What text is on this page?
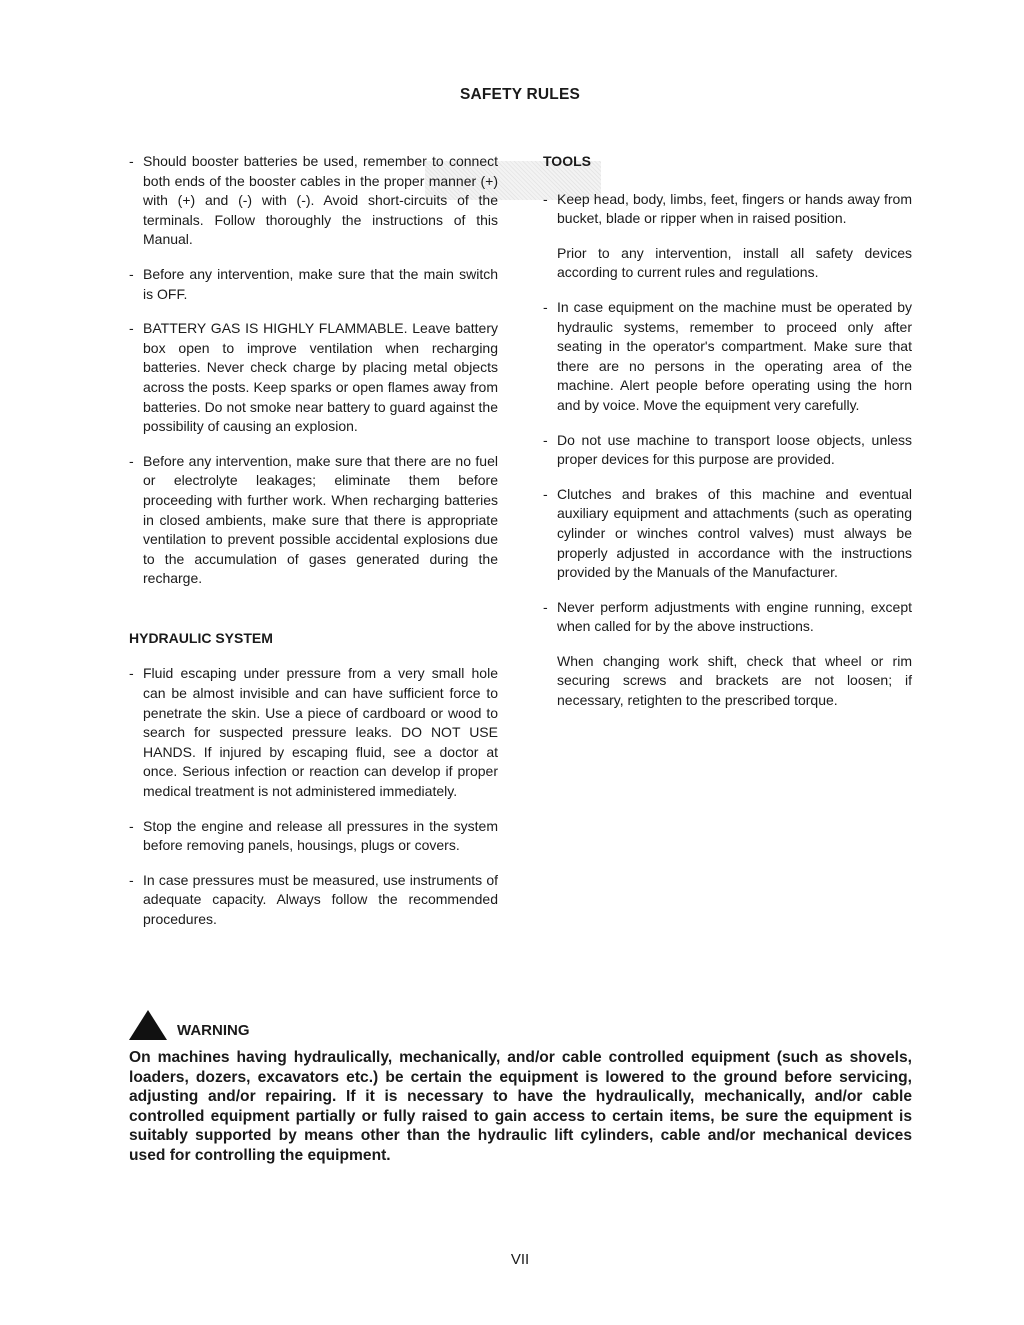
SAFETY RULES
- Should booster batteries be used, remember to connect both ends of the booster cables in the proper manner (+) with (+) and (-) with (-). Avoid short-circuits of the terminals. Follow thoroughly the instructions of this Manual.
- Before any intervention, make sure that the main switch is OFF.
- BATTERY GAS IS HIGHLY FLAMMABLE. Leave battery box open to improve ventilation when recharging batteries. Never check charge by placing metal objects across the posts. Keep sparks or open flames away from batteries. Do not smoke near battery to guard against the possibility of causing an explosion.
- Before any intervention, make sure that there are no fuel or electrolyte leakages; eliminate them before proceeding with further work. When recharging batteries in closed ambients, make sure that there is appropriate ventilation to prevent possible accidental explosions due to the accumulation of gases generated during the recharge.
HYDRAULIC SYSTEM
- Fluid escaping under pressure from a very small hole can be almost invisible and can have sufficient force to penetrate the skin. Use a piece of cardboard or wood to search for suspected pressure leaks. DO NOT USE HANDS. If injured by escaping fluid, see a doctor at once. Serious infection or reaction can develop if proper medical treatment is not administered immediately.
- Stop the engine and release all pressures in the system before removing panels, housings, plugs or covers.
- In case pressures must be measured, use instruments of adequate capacity. Always follow the recommended procedures.
TOOLS
- Keep head, body, limbs, feet, fingers or hands away from bucket, blade or ripper when in raised position.
Prior to any intervention, install all safety devices according to current rules and regulations.
- In case equipment on the machine must be operated by hydraulic systems, remember to proceed only after seating in the operator's compartment. Make sure that there are no persons in the operating area of the machine. Alert people before operating using the horn and by voice. Move the equipment very carefully.
- Do not use machine to transport loose objects, unless proper devices for this purpose are provided.
- Clutches and brakes of this machine and eventual auxiliary equipment and attachments (such as operating cylinder or winches control valves) must always be properly adjusted in accordance with the instructions provided by the Manuals of the Manufacturer.
- Never perform adjustments with engine running, except when called for by the above instructions.
When changing work shift, check that wheel or rim securing screws and brackets are not loosen; if necessary, retighten to the prescribed torque.
WARNING
On machines having hydraulically, mechanically, and/or cable controlled equipment (such as shovels, loaders, dozers, excavators etc.) be certain the equipment is lowered to the ground before servicing, adjusting and/or repairing. If it is necessary to have the hydraulically, mechanically, and/or cable controlled equipment partially or fully raised to gain access to certain items, be sure the equipment is suitably supported by means other than the hydraulic lift cylinders, cable and/or mechanical devices used for controlling the equipment.
VII
